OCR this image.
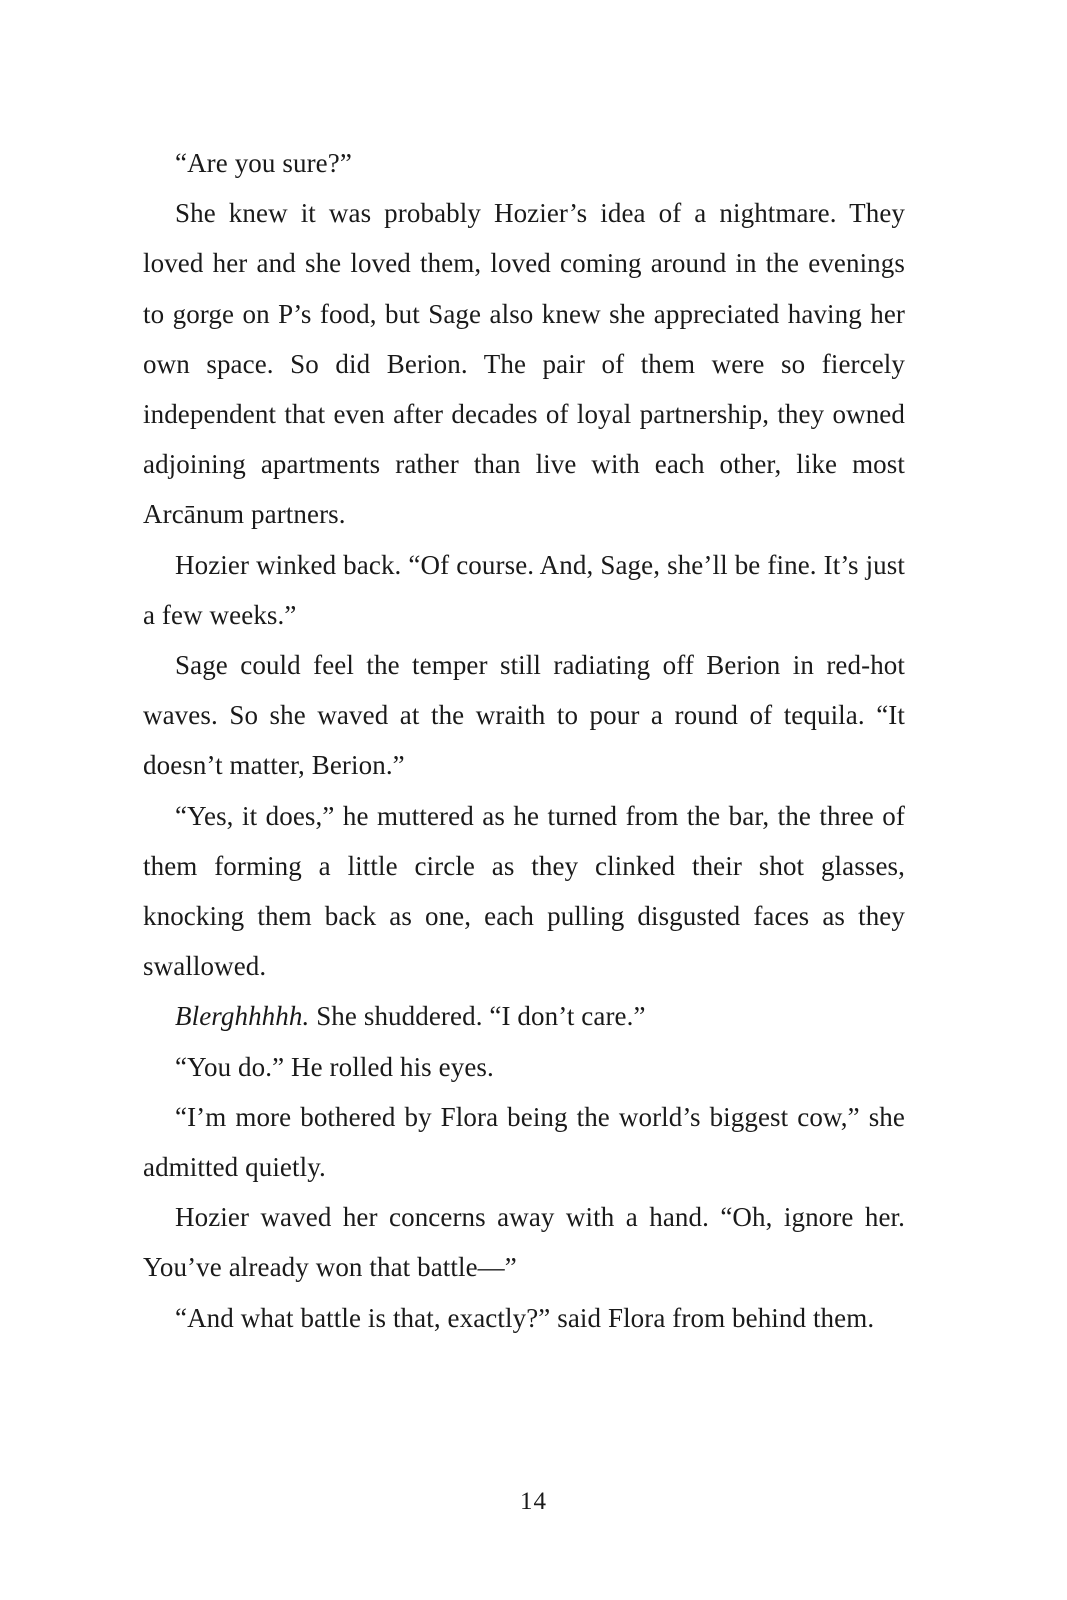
“Are you sure?”

She knew it was probably Hozier’s idea of a nightmare. They loved her and she loved them, loved coming around in the evenings to gorge on P’s food, but Sage also knew she appreciated having her own space. So did Berion. The pair of them were so fiercely independent that even after decades of loyal partnership, they owned adjoining apartments rather than live with each other, like most Arcānum partners.

Hozier winked back. “Of course. And, Sage, she’ll be fine. It’s just a few weeks.”

Sage could feel the temper still radiating off Berion in red-hot waves. So she waved at the wraith to pour a round of tequila. “It doesn’t matter, Berion.”

“Yes, it does,” he muttered as he turned from the bar, the three of them forming a little circle as they clinked their shot glasses, knocking them back as one, each pulling disgusted faces as they swallowed.

Blerghhhhh. She shuddered. “I don’t care.”

“You do.” He rolled his eyes.

“I’m more bothered by Flora being the world’s biggest cow,” she admitted quietly.

Hozier waved her concerns away with a hand. “Oh, ignore her. You’ve already won that battle—”

“And what battle is that, exactly?” said Flora from behind them.

14
